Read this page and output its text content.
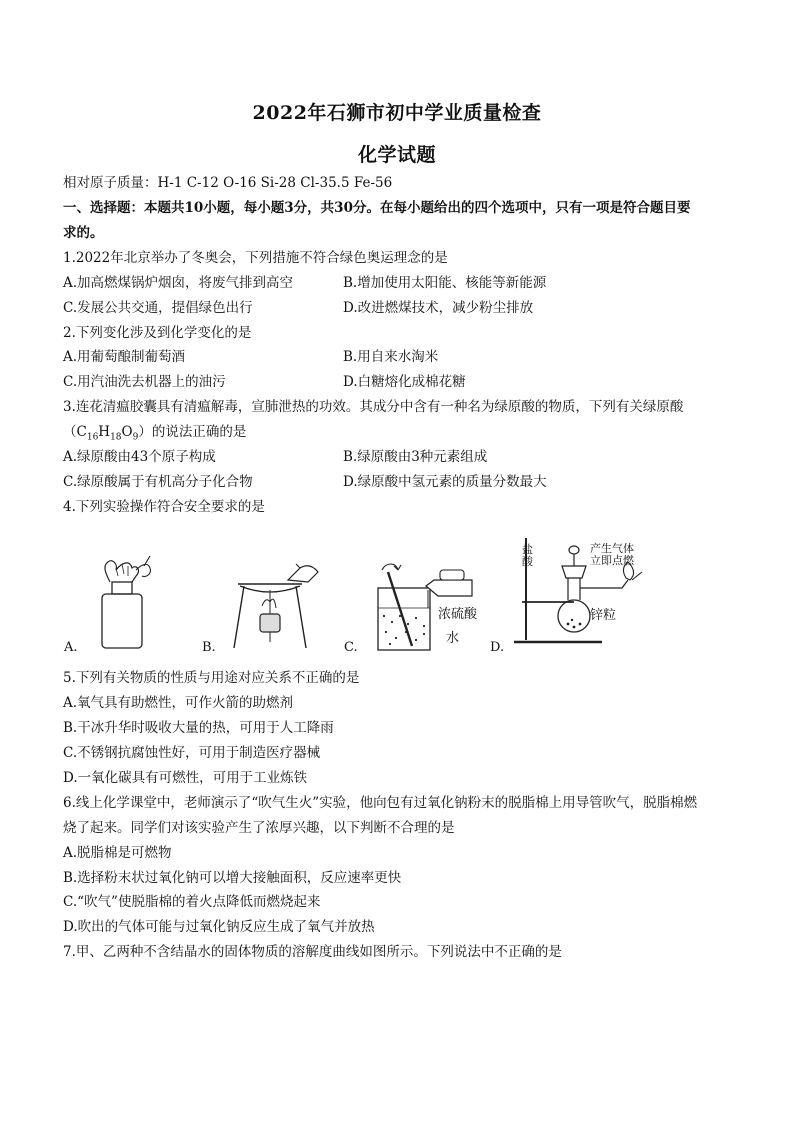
2022年石狮市初中学业质量检查
化学试题
相对原子质量：H-1 C-12 O-16 Si-28 Cl-35.5 Fe-56
一、选择题：本题共10小题，每小题3分，共30分。在每小题给出的四个选项中，只有一项是符合题目要
求的。
1.2022年北京举办了冬奥会，下列措施不符合绿色奥运理念的是
A.加高燃煤锅炉烟囱，将废气排到高空	B.增加使用太阳能、核能等新能源
C.发展公共交通，提倡绿色出行	D.改进燃煤技术，减少粉尘排放
2.下列变化涉及到化学变化的是
A.用葡萄酿制葡萄酒	B.用自来水淘米
C.用汽油洗去机器上的油污	D.白糖熔化成棉花糖
3.连花清瘟胶囊具有清瘟解毒，宣肺泄热的功效。其成分中含有一种名为绿原酸的物质，下列有关绿原酸
$(C_{16}H_{18}O_9)$的说法正确的是
A.绿原酸由43个原子构成	B.绿原酸由3种元素组成
C.绿原酸属于有机高分子化合物	D.绿原酸中氢元素的质量分数最大
4.下列实验操作符合安全要求的是
A.	B.
浓硫酸
水
C.
盐
酸
产生气体
立即点燃
锌粒
D.
5.下列有关物质的性质与用途对应关系不正确的是
A.氧气具有助燃性，可作火箭的助燃剂
B.干冰升华时吸收大量的热，可用于人工降雨
C.不锈钢抗腐蚀性好，可用于制造医疗器械
D.一氧化碳具有可燃性，可用于工业炼铁
6.线上化学课堂中，老师演示了“吹气生火”实验，他向包有过氧化钠粉末的脱脂棉上用导管吹气，脱脂棉燃
烧了起来。同学们对该实验产生了浓厚兴趣，以下判断不合理的是
A.脱脂棉是可燃物
B.选择粉末状过氧化钠可以增大接触面积，反应速率更快
C.“吹气”使脱脂棉的着火点降低而燃烧起来
D.吹出的气体可能与过氧化钠反应生成了氧气并放热
7.甲、乙两种不含结晶水的固体物质的溶解度曲线如图所示。下列说法中不正确的是
